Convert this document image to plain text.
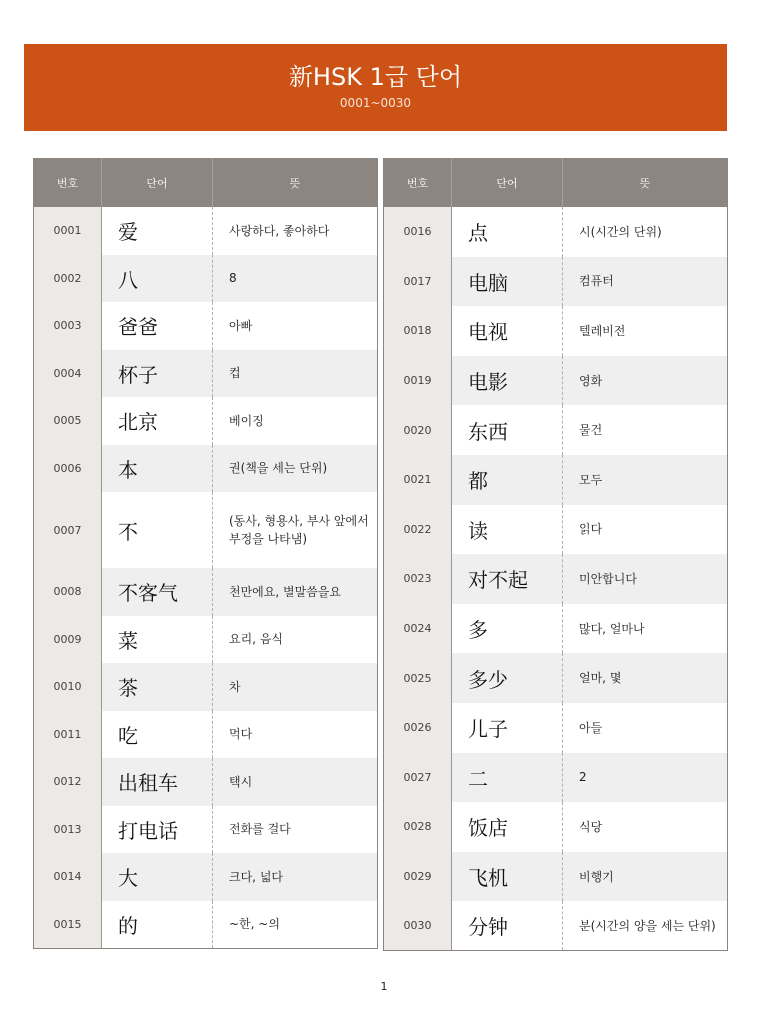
新HSK 1급 단어
0001~0030
번호	단어	뜻
0001	爱	사랑하다, 좋아하다
0002	八	8
0003	爸爸	아빠
0004	杯子	컵
0005	北京	베이징
0006	本	권(책을 세는 단위)
0007	不	(동사, 형용사, 부사 앞에서 부정을 나타냄)
0008	不客气	천만에요, 별말씀을요
0009	菜	요리, 음식
0010	茶	차
0011	吃	먹다
0012	出租车	택시
0013	打电话	전화를 걸다
0014	大	크다, 넓다
0015	的	~한, ~의
번호	단어	뜻
0016	点	시(시간의 단위)
0017	电脑	컴퓨터
0018	电视	텔레비전
0019	电影	영화
0020	东西	물건
0021	都	모두
0022	读	읽다
0023	对不起	미안합니다
0024	多	많다, 얼마나
0025	多少	얼마, 몇
0026	儿子	아들
0027	二	2
0028	饭店	식당
0029	飞机	비행기
0030	分钟	분(시간의 양을 세는 단위)
1
